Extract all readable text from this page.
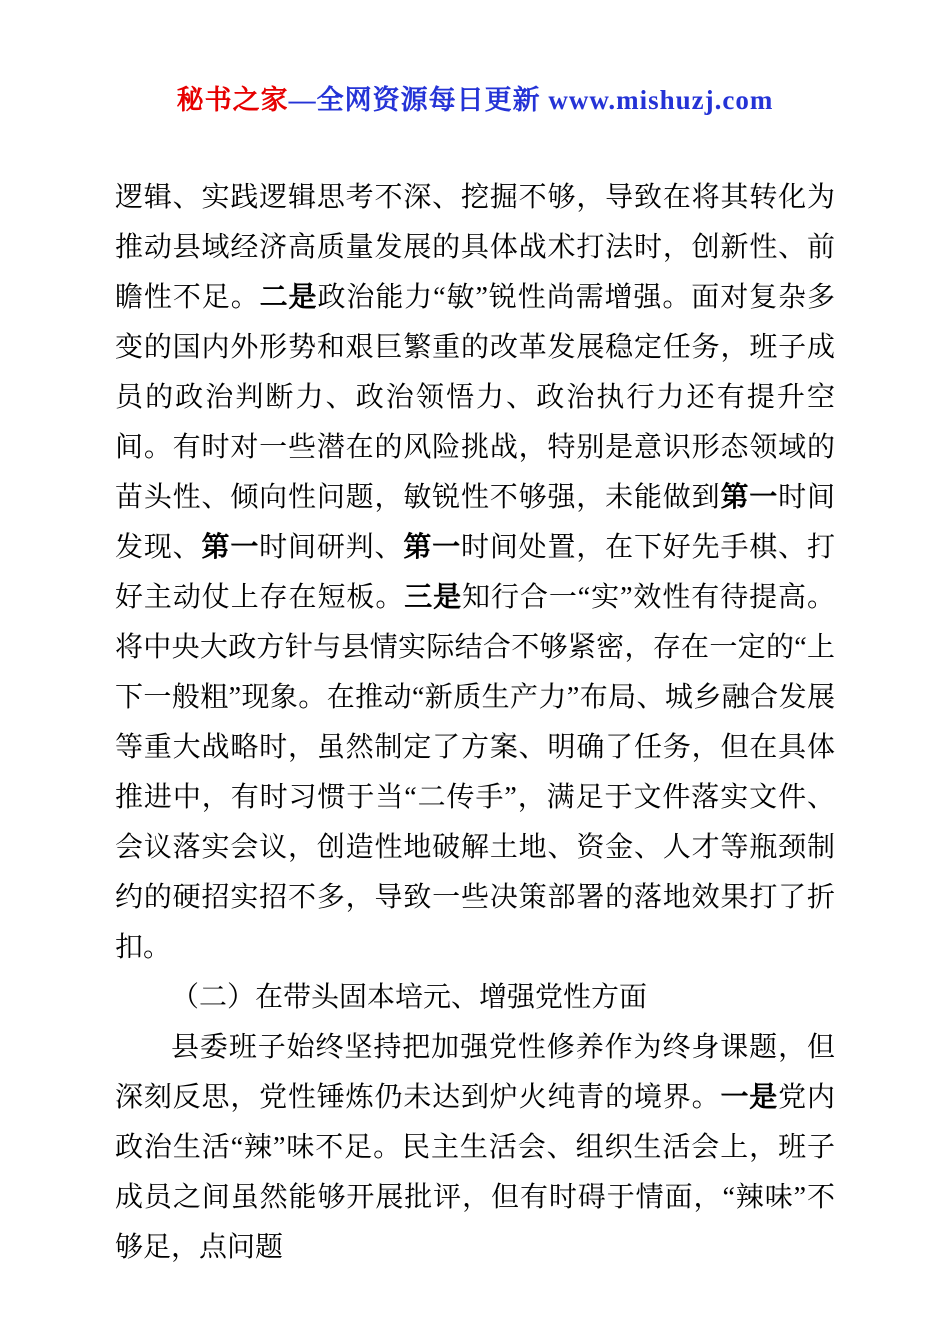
秘书之家—全网资源每日更新 www.mishuzj.com

逻辑、实践逻辑思考不深、挖掘不够，导致在将其转化为推动县域经济高质量发展的具体战术打法时，创新性、前瞻性不足。二是政治能力“敏”锐性尚需增强。面对复杂多变的国内外形势和艰巨繁重的改革发展稳定任务，班子成员的政治判断力、政治领悟力、政治执行力还有提升空间。有时对一些潜在的风险挑战，特别是意识形态领域的苗头性、倾向性问题，敏锐性不够强，未能做到第一时间发现、第一时间研判、第一时间处置，在下好先手棋、打好主动仗上存在短板。三是知行合一“实”效性有待提高。将中央大政方针与县情实际结合不够紧密，存在一定的“上下一般粗”现象。在推动“新质生产力”布局、城乡融合发展等重大战略时，虽然制定了方案、明确了任务，但在具体推进中，有时习惯于当“二传手”，满足于文件落实文件、会议落实会议，创造性地破解土地、资金、人才等瓶颈制约的硬招实招不多，导致一些决策部署的落地效果打了折扣。

（二）在带头固本培元、增强党性方面

县委班子始终坚持把加强党性修养作为终身课题，但深刻反思，党性锤炼仍未达到炉火纯青的境界。一是党内政治生活“辣”味不足。民主生活会、组织生活会上，班子成员之间虽然能够开展批评，但有时碍于情面，“辣味”不够足，点问题
